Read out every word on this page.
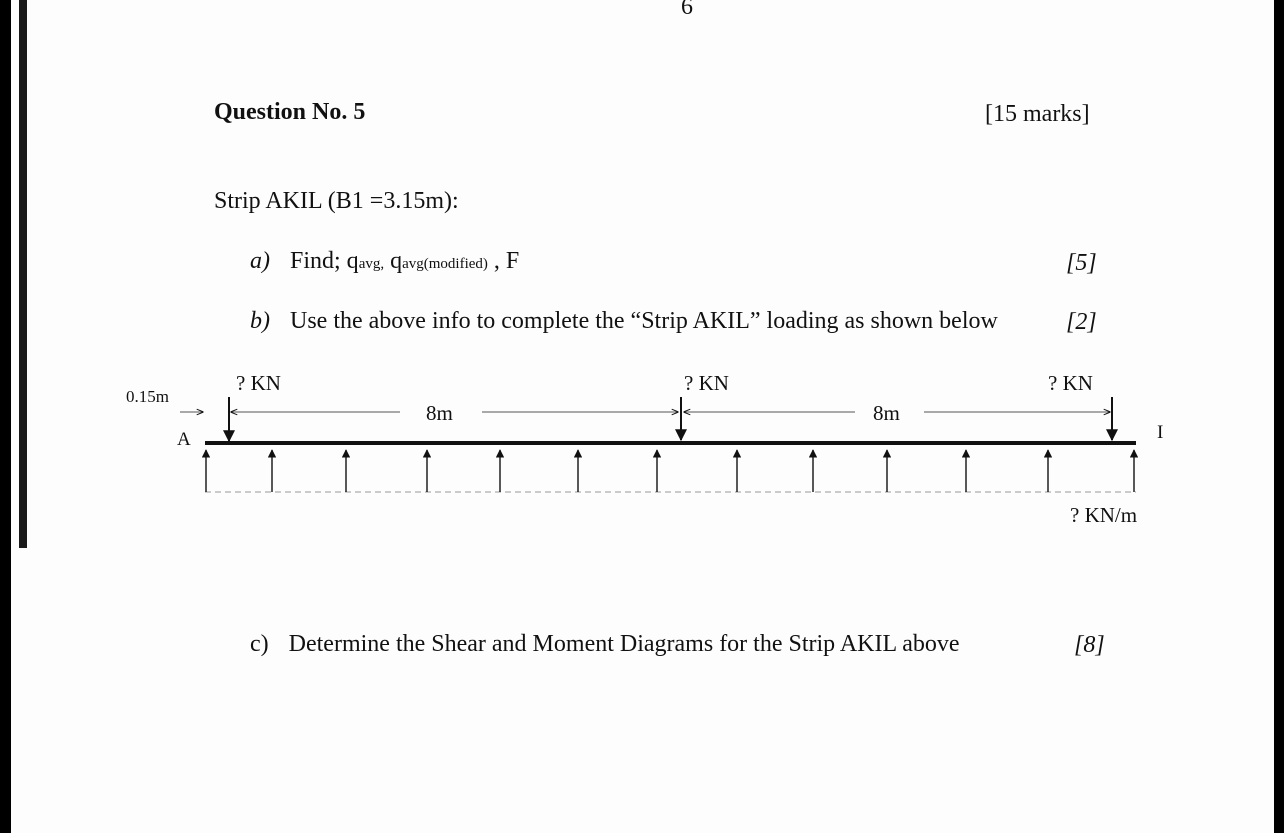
6
Question No. 5	[15 marks]
Strip AKIL (B1 =3.15m):
a) Find; qavg, qavg(modified) , F	[5]
b) Use the above info to complete the “Strip AKIL” loading as shown below	[2]
0.15m
A	I
? KN	? KN	? KN
8m	8m
? KN/m
c) Determine the Shear and Moment Diagrams for the Strip AKIL above	[8]
